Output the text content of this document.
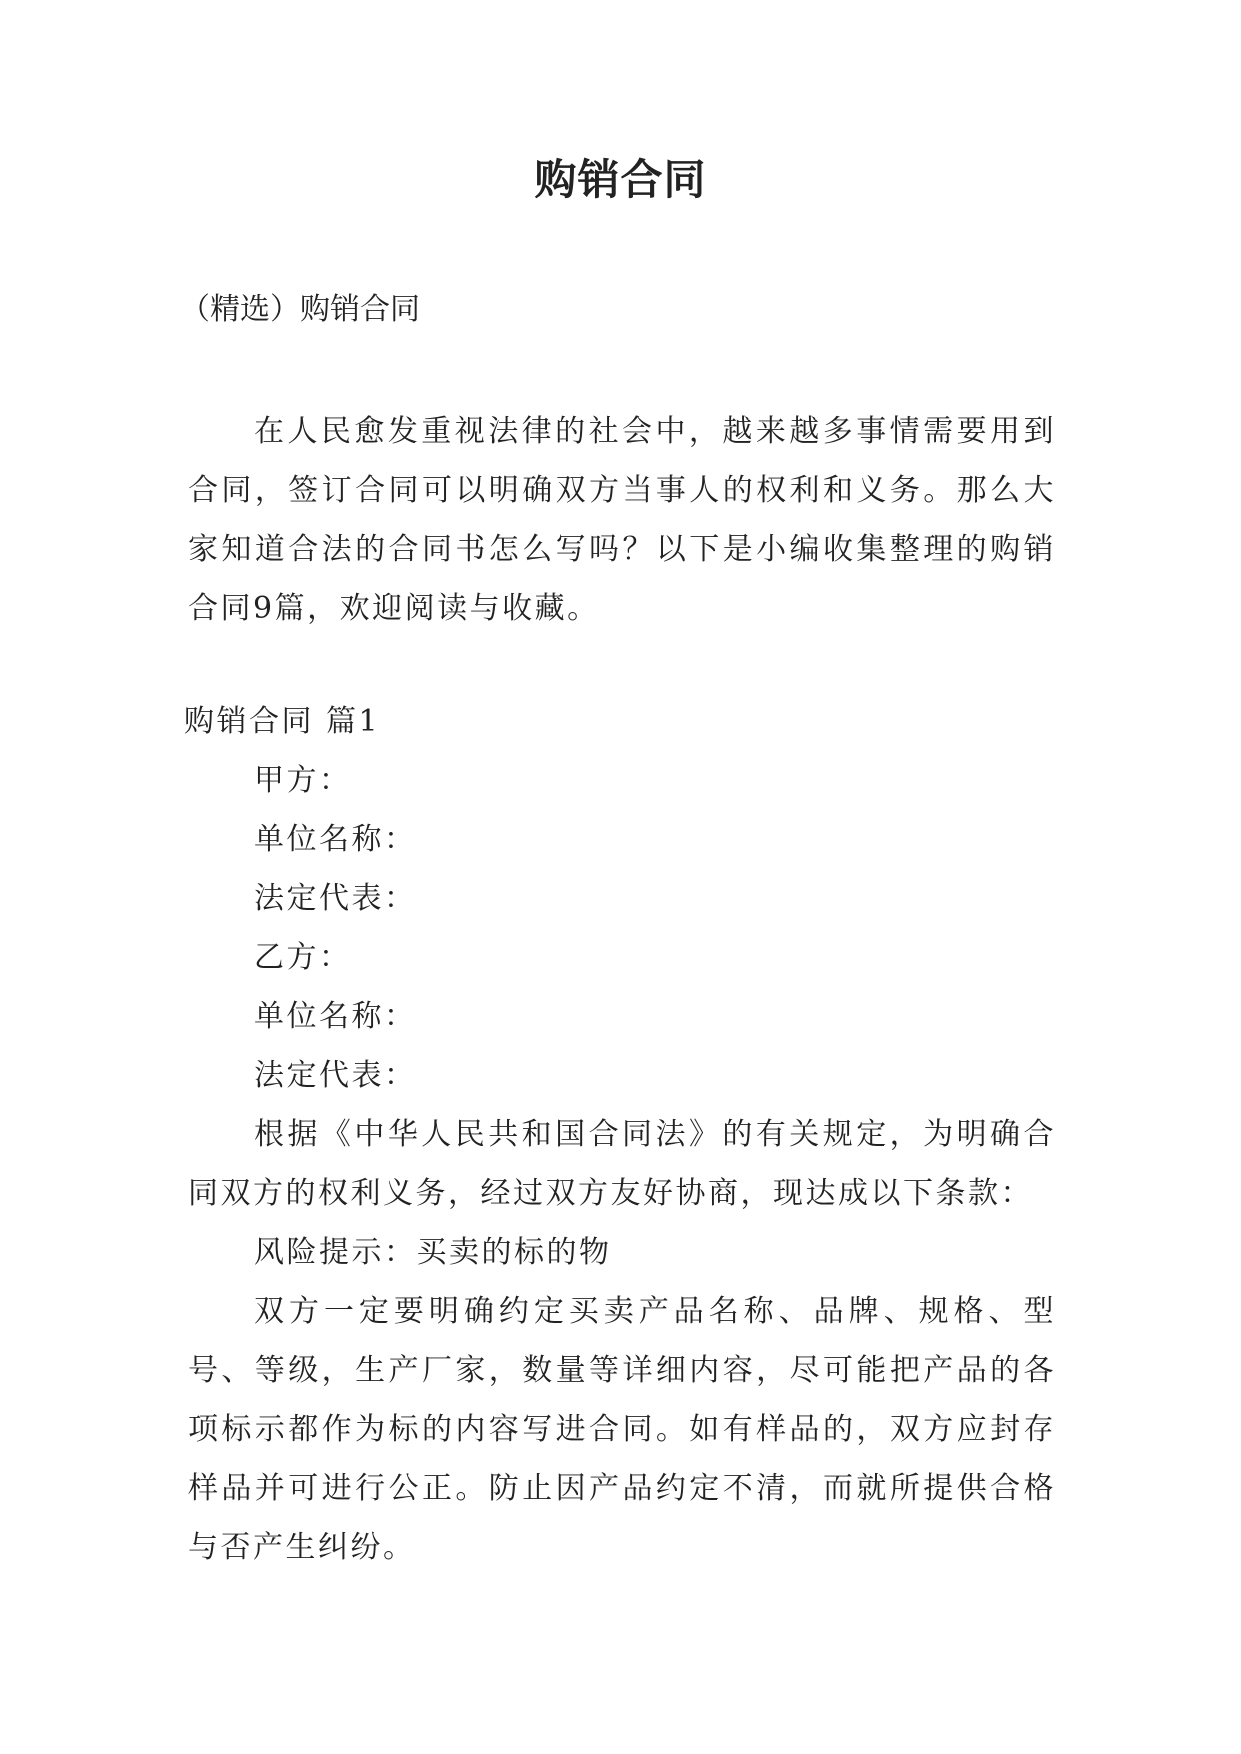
购销合同
（精选）购销合同

在人民愈发重视法律的社会中，越来越多事情需要用到合同，签订合同可以明确双方当事人的权利和义务。那么大家知道合法的合同书怎么写吗？以下是小编收集整理的购销合同9篇，欢迎阅读与收藏。

购销合同 篇1

甲方：

单位名称：

法定代表：

乙方：

单位名称：

法定代表：

根据《中华人民共和国合同法》的有关规定，为明确合同双方的权利义务，经过双方友好协商，现达成以下条款：

风险提示：买卖的标的物

双方一定要明确约定买卖产品名称、品牌、规格、型号、等级，生产厂家，数量等详细内容，尽可能把产品的各项标示都作为标的内容写进合同。如有样品的，双方应封存样品并可进行公正。防止因产品约定不清，而就所提供合格与否产生纠纷。
